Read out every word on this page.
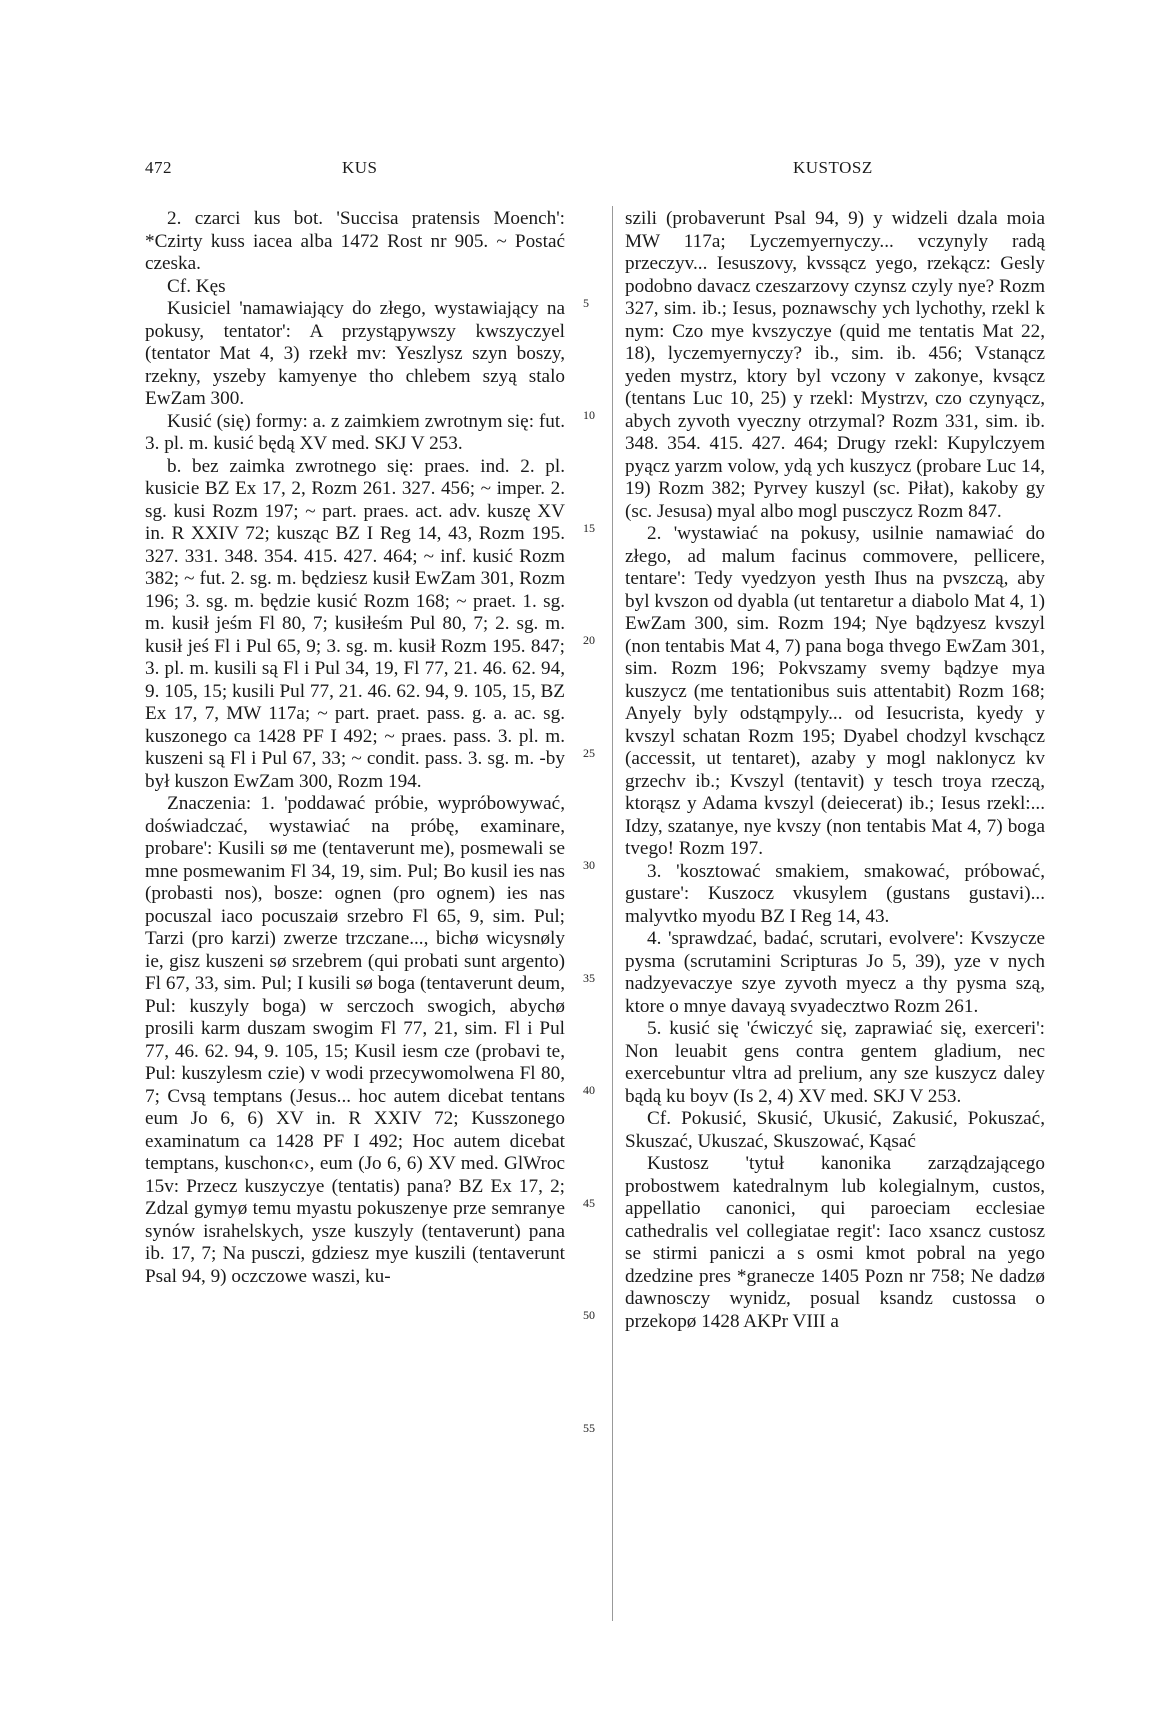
472	KUS	KUSTOSZ

2. czarci kus bot. 'Succisa pratensis Moench': *Czirty kuss iacea alba 1472 Rost nr 905. ~ Postać czeska.

Cf. Kęs

Kusiciel 'namawiający do złego, wystawiający na pokusy, tentator': A przystąpywszy kwszyczyel (tentator Mat 4, 3) rzekł mv: Yeszlysz szyn boszy, rzekny, yszeby kamyenye tho chlebem szyą stalo EwZam 300.

Kusić (się) formy: a. z zaimkiem zwrotnym się: fut. 3. pl. m. kusić będą XV med. SKJ V 253.

b. bez zaimka zwrotnego się: praes. ind. 2. pl. kusicie BZ Ex 17, 2, Rozm 261. 327. 456; ~ imper. 2. sg. kusi Rozm 197; ~ part. praes. act. adv. kuszę XV in. R XXIV 72; kusząc BZ I Reg 14, 43, Rozm 195. 327. 331. 348. 354. 415. 427. 464; ~ inf. kusić Rozm 382; ~ fut. 2. sg. m. będziesz kusił EwZam 301, Rozm 196; 3. sg. m. będzie kusić Rozm 168; ~ praet. 1. sg. m. kusił jeśm Fl 80, 7; kusiłeśm Pul 80, 7; 2. sg. m. kusił jeś Fl i Pul 65, 9; 3. sg. m. kusił Rozm 195. 847; 3. pl. m. kusili są Fl i Pul 34, 19, Fl 77, 21. 46. 62. 94, 9. 105, 15; kusili Pul 77, 21. 46. 62. 94, 9. 105, 15, BZ Ex 17, 7, MW 117a; ~ part. praet. pass. g. a. ac. sg. kuszonego ca 1428 PF I 492; ~ praes. pass. 3. pl. m. kuszeni są Fl i Pul 67, 33; ~ condit. pass. 3. sg. m. -by był kuszon EwZam 300, Rozm 194.

Znaczenia: 1. 'poddawać próbie, wypróbowywać, doświadczać, wystawiać na próbę, examinare, probare': Kusili sø me (tentaverunt me), posmewali se mne posmewanim Fl 34, 19, sim. Pul; Bo kusil ies nas (probasti nos), bosze: ognen (pro ognem) ies nas pocuszal iaco pocuszaiø srzebro Fl 65, 9, sim. Pul; Tarzi (pro karzi) zwerze trzczane..., bichø wicysnøly ie, gisz kuszeni sø srzebrem (qui probati sunt argento) Fl 67, 33, sim. Pul; I kusili sø boga (tentaverunt deum, Pul: kuszyly boga) w serczoch swogich, abychø prosili karm duszam swogim Fl 77, 21, sim. Fl i Pul 77, 46. 62. 94, 9. 105, 15; Kusil iesm cze (probavi te, Pul: kuszylesm czie) v wodi przecywomolwena Fl 80, 7; Cvsą temptans (Jesus... hoc autem dicebat tentans eum Jo 6, 6) XV in. R XXIV 72; Kusszonego examinatum ca 1428 PF I 492; Hoc autem dicebat temptans, kuschon‹c›, eum (Jo 6, 6) XV med. GlWroc 15v: Przecz kuszyczye (tentatis) pana? BZ Ex 17, 2; Zdzal gymyø temu myastu pokuszenye prze semranye synów israhelskych, ysze kuszyly (tentaverunt) pana ib. 17, 7; Na pusczi, gdziesz mye kuszili (tentaverunt Psal 94, 9) oczczowe waszi, ku-

5
10
15
20
25
30
35
40
45
50
55

szili (probaverunt Psal 94, 9) y widzeli dzala moia MW 117a; Lyczemyernyczy... vczynyly radą przeczyv... Iesuszovy, kvssącz yego, rzekącz: Gesly podobno davacz czeszarzovy czynsz czyly nye? Rozm 327, sim. ib.; Iesus, poznawschy ych lychothy, rzekl k nym: Czo mye kvszyczye (quid me tentatis Mat 22, 18), lyczemyernyczy? ib., sim. ib. 456; Vstanącz yeden mystrz, ktory byl vczony v zakonye, kvsącz (tentans Luc 10, 25) y rzekl: Mystrzv, czo czynyącz, abych zyvoth vyeczny otrzymal? Rozm 331, sim. ib. 348. 354. 415. 427. 464; Drugy rzekl: Kupylczyem pyącz yarzm volow, ydą ych kuszycz (probare Luc 14, 19) Rozm 382; Pyrvey kuszyl (sc. Piłat), kakoby gy (sc. Jesusa) myal albo mogl pusczycz Rozm 847.

2. 'wystawiać na pokusy, usilnie namawiać do złego, ad malum facinus commovere, pellicere, tentare': Tedy vyedzyon yesth Ihus na pvszczą, aby byl kvszon od dyabla (ut tentaretur a diabolo Mat 4, 1) EwZam 300, sim. Rozm 194; Nye bądzyesz kvszyl (non tentabis Mat 4, 7) pana boga thvego EwZam 301, sim. Rozm 196; Pokvszamy svemy bądzye mya kuszycz (me tentationibus suis attentabit) Rozm 168; Anyely byly odstąmpyly... od Iesucrista, kyedy y kvszyl schatan Rozm 195; Dyabel chodzyl kvschącz (accessit, ut tentaret), azaby y mogl naklonycz kv grzechv ib.; Kvszyl (tentavit) y tesch troya rzeczą, ktorąsz y Adama kvszyl (deiecerat) ib.; Iesus rzekl:... Idzy, szatanye, nye kvszy (non tentabis Mat 4, 7) boga tvego! Rozm 197.

3. 'kosztować smakiem, smakować, próbować, gustare': Kuszocz vkusylem (gustans gustavi)... malyvtko myodu BZ I Reg 14, 43.

4. 'sprawdzać, badać, scrutari, evolvere': Kvszycze pysma (scrutamini Scripturas Jo 5, 39), yze v nych nadzyevaczye szye zyvoth myecz a thy pysma szą, ktore o mnye davayą svyadecztwo Rozm 261.

5. kusić się 'ćwiczyć się, zaprawiać się, exerceri': Non leuabit gens contra gentem gladium, nec exercebuntur vltra ad prelium, any sze kuszycz daley bądą ku boyv (Is 2, 4) XV med. SKJ V 253.

Cf. Pokusić, Skusić, Ukusić, Zakusić, Pokuszać, Skuszać, Ukuszać, Skuszować, Kąsać

Kustosz 'tytuł kanonika zarządzającego probostwem katedralnym lub kolegialnym, custos, appellatio canonici, qui paroeciam ecclesiae cathedralis vel collegiatae regit': Iaco xsancz custosz se stirmi paniczi a s osmi kmot pobral na yego dzedzine pres *granecze 1405 Pozn nr 758; Ne dadzø dawnosczy wynidz, posual ksandz custossa o przekopø 1428 AKPr VIII a
